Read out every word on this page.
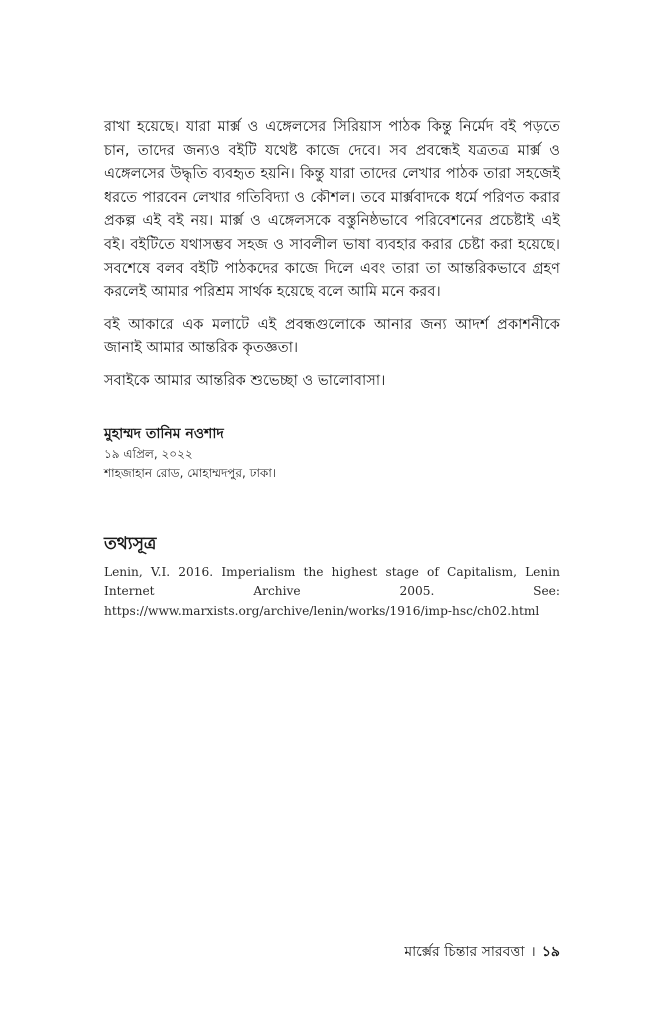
রাখা হয়েছে। যারা মার্ক্স ও এঙ্গেলসের সিরিয়াস পাঠক কিন্তু নির্মেদ বই পড়তে চান, তাদের জন্যও বইটি যথেষ্ট কাজে দেবে। সব প্রবন্ধেই যত্রতত্র মার্ক্স ও এঙ্গেলসের উদ্ধৃতি ব্যবহৃত হয়নি। কিন্তু যারা তাদের লেখার পাঠক তারা সহজেই ধরতে পারবেন লেখার গতিবিদ্যা ও কৌশল। তবে মার্ক্সবাদকে ধর্মে পরিণত করার প্রকল্প এই বই নয়। মার্ক্স ও এঙ্গেলসকে বস্তুনিষ্ঠভাবে পরিবেশনের প্রচেষ্টাই এই বই। বইটিতে যথাসম্ভব সহজ ও সাবলীল ভাষা ব্যবহার করার চেষ্টা করা হয়েছে। সবশেষে বলব বইটি পাঠকদের কাজে দিলে এবং তারা তা আন্তরিকভাবে গ্রহণ করলেই আমার পরিশ্রম সার্থক হয়েছে বলে আমি মনে করব।

বই আকারে এক মলাটে এই প্রবন্ধগুলোকে আনার জন্য আদর্শ প্রকাশনীকে জানাই আমার আন্তরিক কৃতজ্ঞতা।

সবাইকে আমার আন্তরিক শুভেচ্ছা ও ভালোবাসা।

মুহাম্মদ তানিম নওশাদ

১৯ এপ্রিল, ২০২২

শাহজাহান রোড, মোহাম্মদপুর, ঢাকা।

তথ্যসূত্র

Lenin, V.I. 2016. Imperialism the highest stage of Capitalism, Lenin Internet Archive 2005. See: https://www.marxists.org/archive/lenin/works/1916/imp-hsc/ch02.html

মার্ক্সের চিন্তার সারবত্তা । ১৯
